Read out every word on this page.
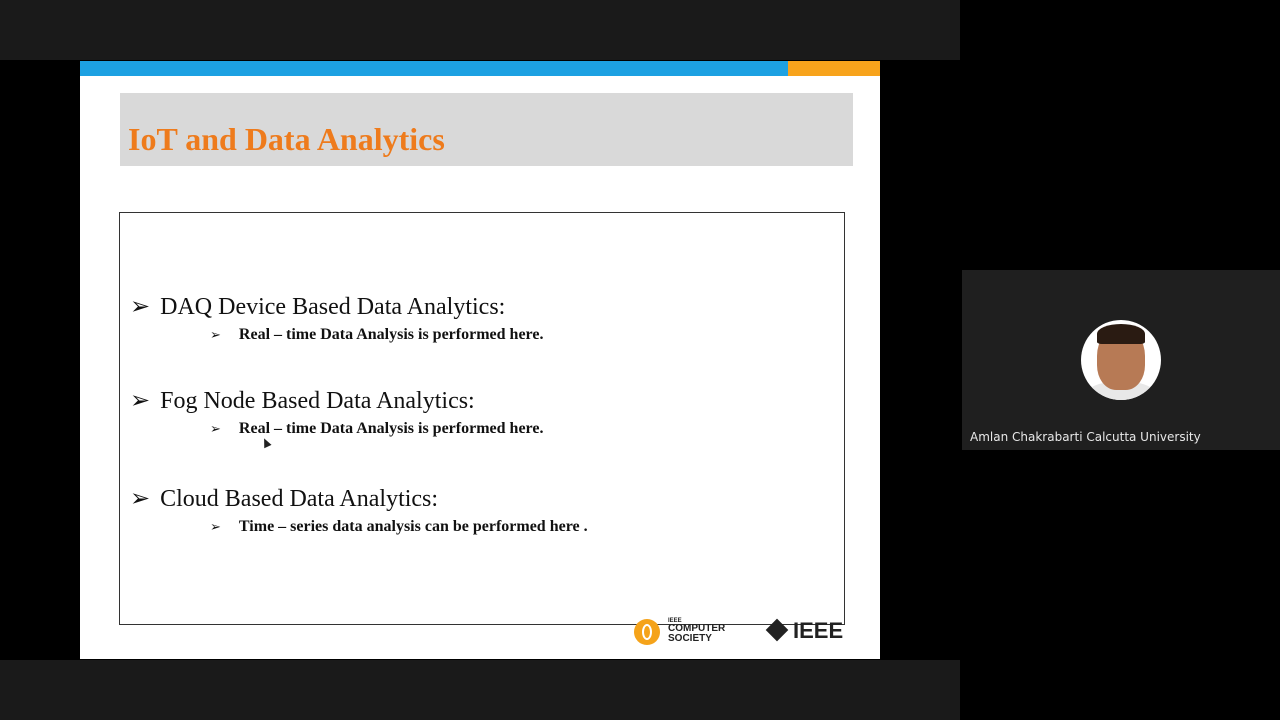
IoT and Data Analytics

➢ DAQ Device Based Data Analytics:

➢ Real – time Data Analysis is performed here.

➢ Fog Node Based Data Analytics:

➢ Real – time Data Analysis is performed here.

➢ Cloud Based Data Analytics:

➢ Time – series data analysis can be performed here .

IEEE
COMPUTER
SOCIETY	IEEE
Amlan Chakrabarti Calcutta University
